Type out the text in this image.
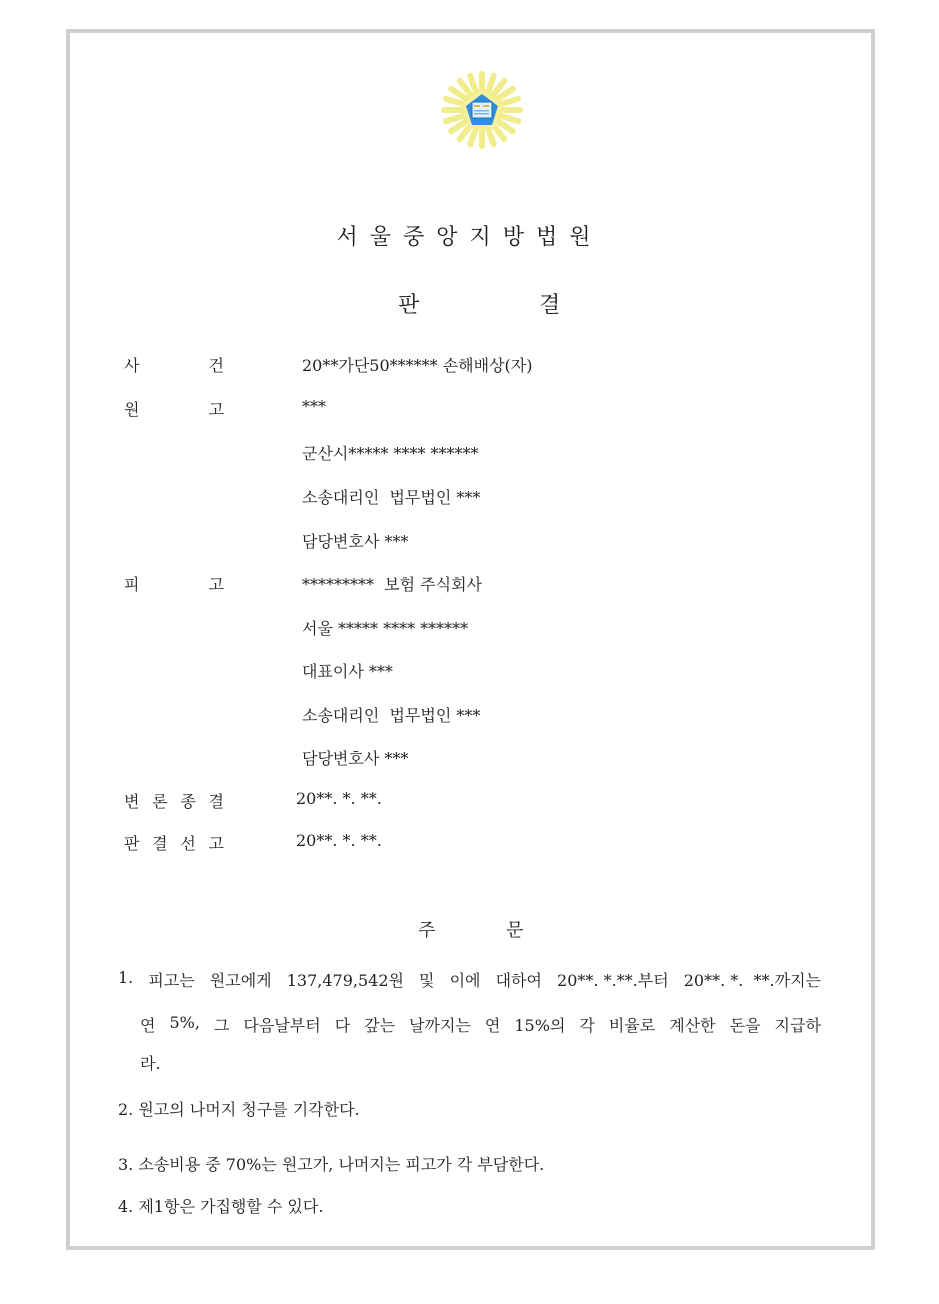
서울중앙지방법원
판	결
사	건	20**가단50****** 손해배상(자)
원	고	***
군산시***** **** ******
소송대리인  법무법인 ***
담당변호사 ***
피	고	*********  보험 주식회사
서울 ***** **** ******
대표이사 ***
소송대리인  법무법인 ***
담당변호사 ***
변 론 종 결	20**. *. **.
판 결 선 고	20**. *. **.
주	문
1. 피고는 원고에게 137,479,542원 및 이에 대하여 20**. *.**.부터 20**. *.  **.까지는
연 5%, 그 다음날부터 다 갚는 날까지는 연 15%의 각 비율로 계산한 돈을 지급하
라.
2. 원고의 나머지 청구를 기각한다.
3. 소송비용 중 70%는 원고가, 나머지는 피고가 각 부담한다.
4. 제1항은 가집행할 수 있다.
